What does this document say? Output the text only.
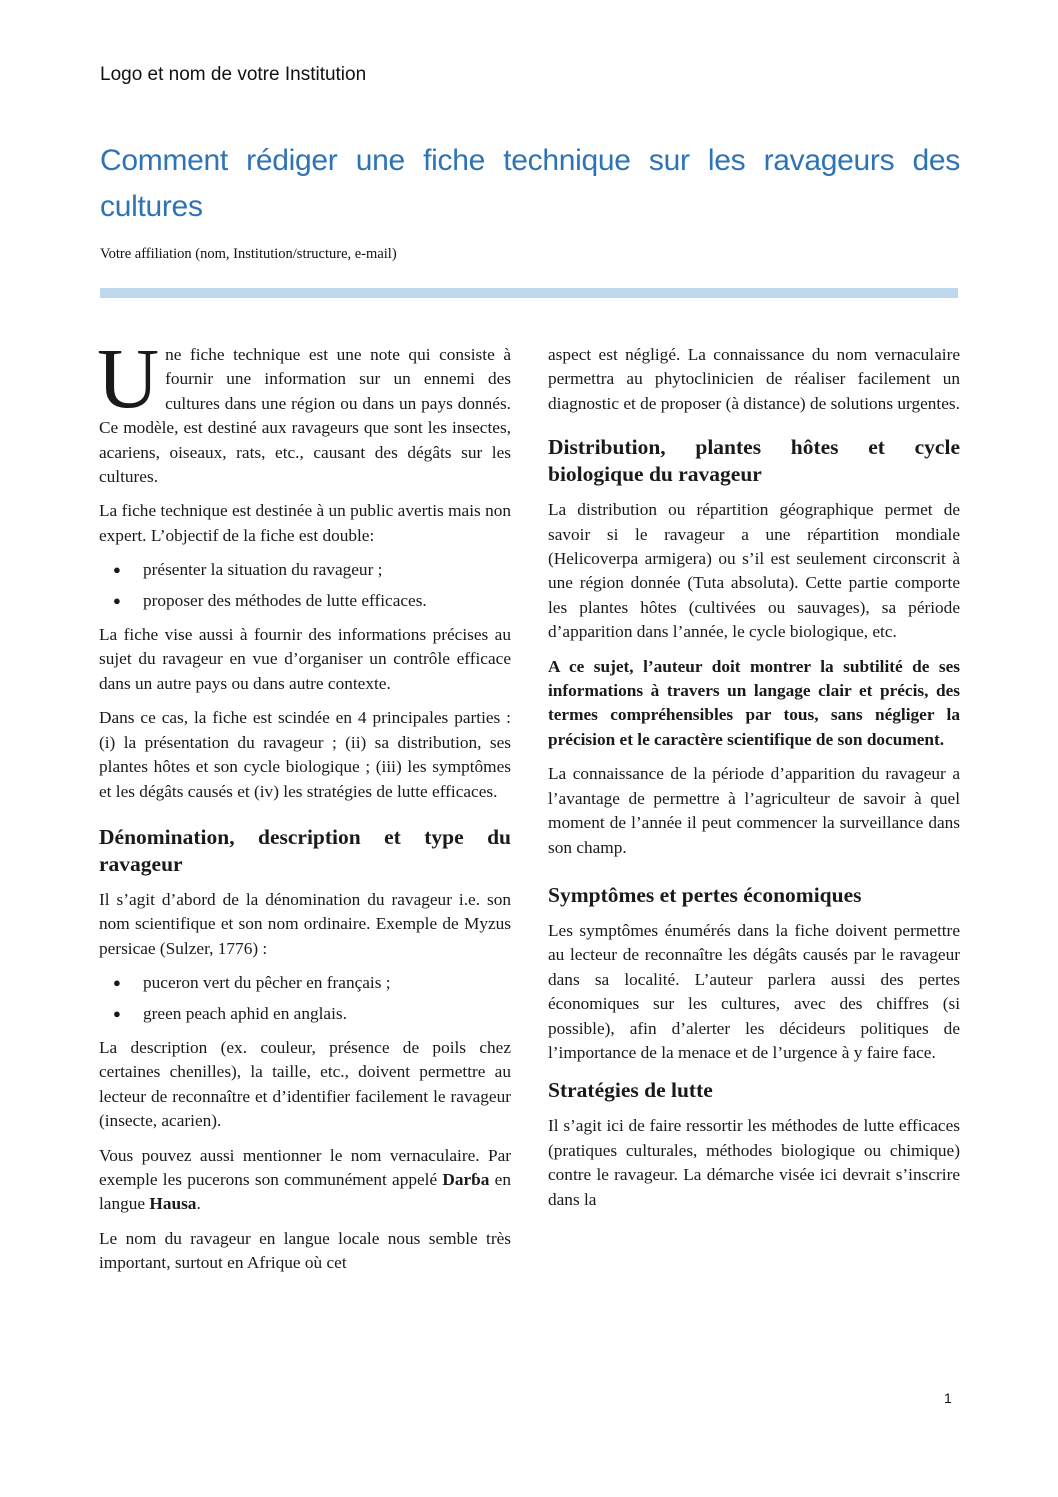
Logo et nom de votre Institution
Comment rédiger une fiche technique sur les ravageurs des cultures
Votre affiliation (nom, Institution/structure, e-mail)

Une fiche technique est une note qui consiste à fournir une information sur un ennemi des cultures dans une région ou dans un pays donnés. Ce modèle, est destiné aux ravageurs que sont les insectes, acariens, oiseaux, rats, etc., causant des dégâts sur les cultures.

La fiche technique est destinée à un public avertis mais non expert. L’objectif de la fiche est double:

● présenter la situation du ravageur ;
● proposer des méthodes de lutte efficaces.

La fiche vise aussi à fournir des informations précises au sujet du ravageur en vue d’organiser un contrôle efficace dans un autre pays ou dans autre contexte.

Dans ce cas, la fiche est scindée en 4 principales parties : (i) la présentation du ravageur ; (ii) sa distribution, ses plantes hôtes et son cycle biologique ; (iii) les symptômes et les dégâts causés et (iv) les stratégies de lutte efficaces.

Dénomination, description et type du ravageur

Il s’agit d’abord de la dénomination du ravageur i.e. son nom scientifique et son nom ordinaire. Exemple de Myzus persicae (Sulzer, 1776) :

● puceron vert du pêcher en français ;
● green peach aphid en anglais.

La description (ex. couleur, présence de poils chez certaines chenilles), la taille, etc., doivent permettre au lecteur de reconnaître et d’identifier facilement le ravageur (insecte, acarien).

Vous pouvez aussi mentionner le nom vernaculaire. Par exemple les pucerons son communément appelé Darɓa en langue Hausa.

Le nom du ravageur en langue locale nous semble très important, surtout en Afrique où cet

aspect est négligé. La connaissance du nom vernaculaire permettra au phytoclinicien de réaliser facilement un diagnostic et de proposer (à distance) de solutions urgentes.

Distribution, plantes hôtes et cycle biologique du ravageur

La distribution ou répartition géographique permet de savoir si le ravageur a une répartition mondiale (Helicoverpa armigera) ou s’il est seulement circonscrit à une région donnée (Tuta absoluta). Cette partie comporte les plantes hôtes (cultivées ou sauvages), sa période d’apparition dans l’année, le cycle biologique, etc.

A ce sujet, l’auteur doit montrer la subtilité de ses informations à travers un langage clair et précis, des termes compréhensibles par tous, sans négliger la précision et le caractère scientifique de son document.

La connaissance de la période d’apparition du ravageur a l’avantage de permettre à l’agriculteur de savoir à quel moment de l’année il peut commencer la surveillance dans son champ.

Symptômes et pertes économiques

Les symptômes énumérés dans la fiche doivent permettre au lecteur de reconnaître les dégâts causés par le ravageur dans sa localité. L’auteur parlera aussi des pertes économiques sur les cultures, avec des chiffres (si possible), afin d’alerter les décideurs politiques de l’importance de la menace et de l’urgence à y faire face.

Stratégies de lutte

Il s’agit ici de faire ressortir les méthodes de lutte efficaces (pratiques culturales, méthodes biologique ou chimique) contre le ravageur. La démarche visée ici devrait s’inscrire dans la

1
